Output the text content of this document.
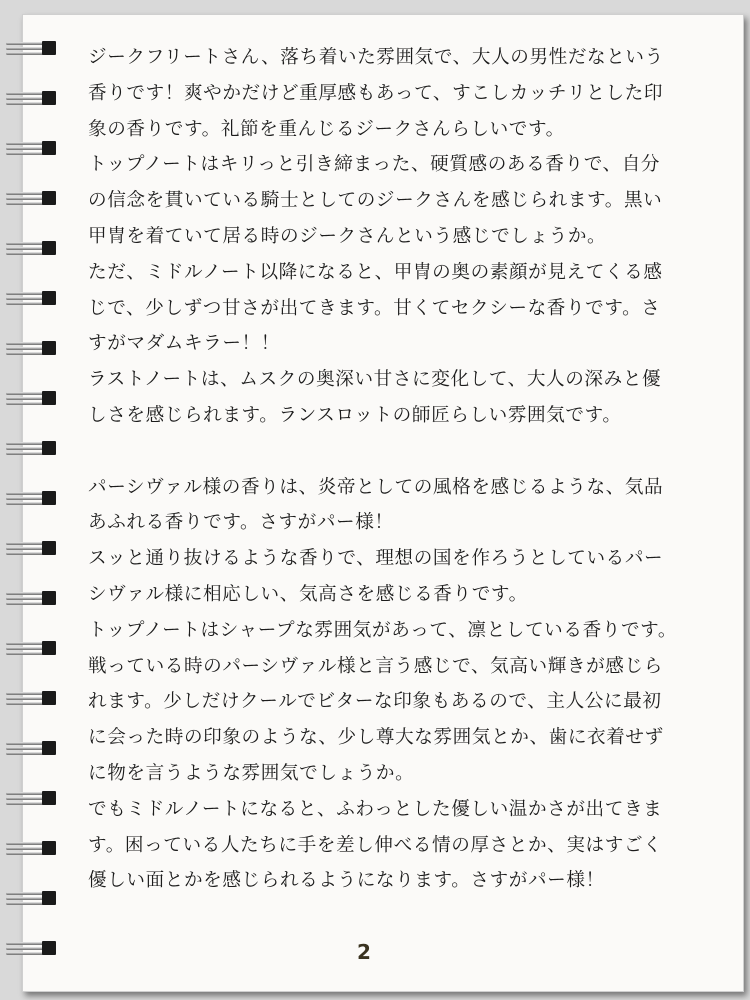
ジークフリートさん、落ち着いた雰囲気で、大人の男性だなという
香りです！爽やかだけど重厚感もあって、すこしカッチリとした印
象の香りです。礼節を重んじるジークさんらしいです。

トップノートはキリっと引き締まった、硬質感のある香りで、自分
の信念を貫いている騎士としてのジークさんを感じられます。黒い
甲冑を着ていて居る時のジークさんという感じでしょうか。

ただ、ミドルノート以降になると、甲冑の奥の素顔が見えてくる感
じで、少しずつ甘さが出てきます。甘くてセクシーな香りです。さ
すがマダムキラー！！

ラストノートは、ムスクの奥深い甘さに変化して、大人の深みと優
しさを感じられます。ランスロットの師匠らしい雰囲気です。

パーシヴァル様の香りは、炎帝としての風格を感じるような、気品
あふれる香りです。さすがパー様！

スッと通り抜けるような香りで、理想の国を作ろうとしているパー
シヴァル様に相応しい、気高さを感じる香りです。

トップノートはシャープな雰囲気があって、凛としている香りです。
戦っている時のパーシヴァル様と言う感じで、気高い輝きが感じら
れます。少しだけクールでビターな印象もあるので、主人公に最初
に会った時の印象のような、少し尊大な雰囲気とか、歯に衣着せず
に物を言うような雰囲気でしょうか。

でもミドルノートになると、ふわっとした優しい温かさが出てきま
す。困っている人たちに手を差し伸べる情の厚さとか、実はすごく
優しい面とかを感じられるようになります。さすがパー様！

2
